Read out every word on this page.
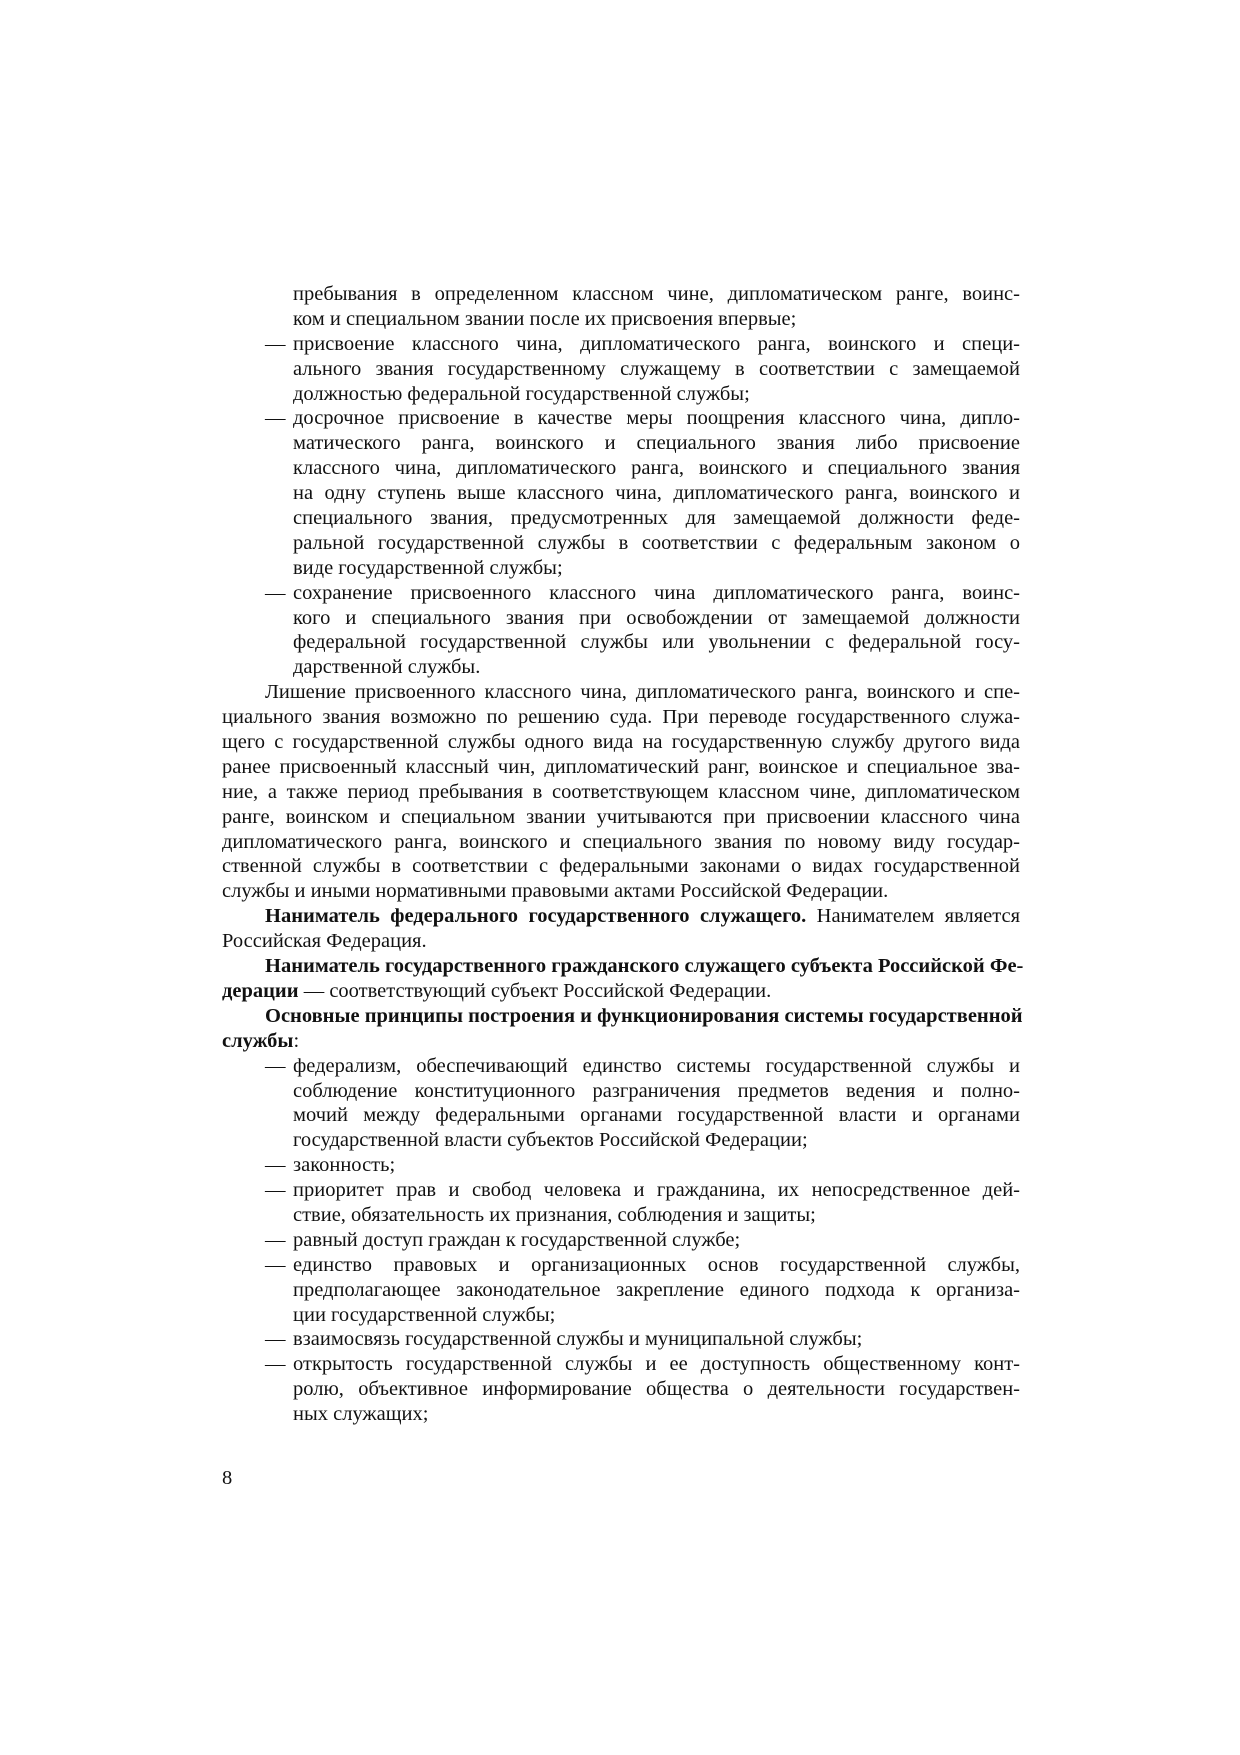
пребывания в определенном классном чине, дипломатическом ранге, воинс-
ком и специальном звании после их присвоения впервые;
— присвоение классного чина, дипломатического ранга, воинского и специ-
ального звания государственному служащему в соответствии с замещаемой
должностью федеральной государственной службы;
— досрочное присвоение в качестве меры поощрения классного чина, дипло-
матического ранга, воинского и специального звания либо присвоение
классного чина, дипломатического ранга, воинского и специального звания
на одну ступень выше классного чина, дипломатического ранга, воинского и
специального звания, предусмотренных для замещаемой должности феде-
ральной государственной службы в соответствии с федеральным законом о
виде государственной службы;
— сохранение присвоенного классного чина дипломатического ранга, воинс-
кого и специального звания при освобождении от замещаемой должности
федеральной государственной службы или увольнении с федеральной госу-
дарственной службы.
Лишение присвоенного классного чина, дипломатического ранга, воинского и спе-
циального звания возможно по решению суда. При переводе государственного служа-
щего с государственной службы одного вида на государственную службу другого вида
ранее присвоенный классный чин, дипломатический ранг, воинское и специальное зва-
ние, а также период пребывания в соответствующем классном чине, дипломатическом
ранге, воинском и специальном звании учитываются при присвоении классного чина
дипломатического ранга, воинского и специального звания по новому виду государ-
ственной службы в соответствии с федеральными законами о видах государственной
службы и иными нормативными правовыми актами Российской Федерации.
Наниматель федерального государственного служащего. Нанимателем является
Российская Федерация.
Наниматель государственного гражданского служащего субъекта Российской Фе-
дерации — соответствующий субъект Российской Федерации.
Основные принципы построения и функционирования системы государственной
службы:
— федерализм, обеспечивающий единство системы государственной службы и
соблюдение конституционного разграничения предметов ведения и полно-
мочий между федеральными органами государственной власти и органами
государственной власти субъектов Российской Федерации;
— законность;
— приоритет прав и свобод человека и гражданина, их непосредственное дей-
ствие, обязательность их признания, соблюдения и защиты;
— равный доступ граждан к государственной службе;
— единство правовых и организационных основ государственной службы,
предполагающее законодательное закрепление единого подхода к организа-
ции государственной службы;
— взаимосвязь государственной службы и муниципальной службы;
— открытость государственной службы и ее доступность общественному конт-
ролю, объективное информирование общества о деятельности государствен-
ных служащих;
8
